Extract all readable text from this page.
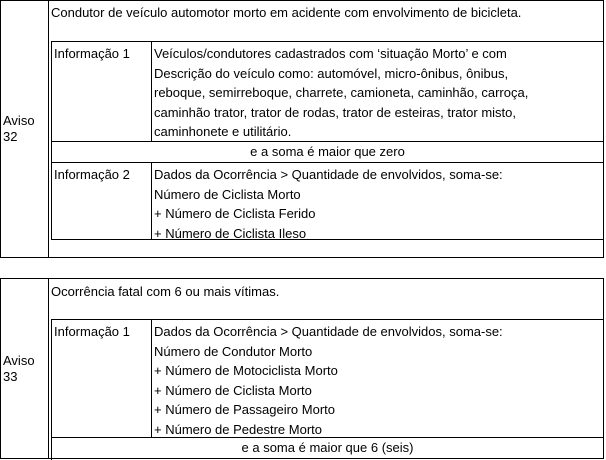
Aviso
32
Condutor de veículo automotor morto em acidente com envolvimento de bicicleta.
Informação 1	Veículos/condutores cadastrados com ‘situação Morto’ e com
Descrição do veículo como: automóvel, micro-ônibus, ônibus,
reboque, semirreboque, charrete, camioneta, caminhão, carroça,
caminhão trator, trator de rodas, trator de esteiras, trator misto,
caminhonete e utilitário.
e a soma é maior que zero
Informação 2	Dados da Ocorrência > Quantidade de envolvidos, soma-se:
Número de Ciclista Morto
+ Número de Ciclista Ferido
+ Número de Ciclista Ileso
Aviso
33
Ocorrência fatal com 6 ou mais vítimas.
Informação 1	Dados da Ocorrência > Quantidade de envolvidos, soma-se:
Número de Condutor Morto
+ Número de Motociclista Morto
+ Número de Ciclista Morto
+ Número de Passageiro Morto
+ Número de Pedestre Morto
e a soma é maior que 6 (seis)
